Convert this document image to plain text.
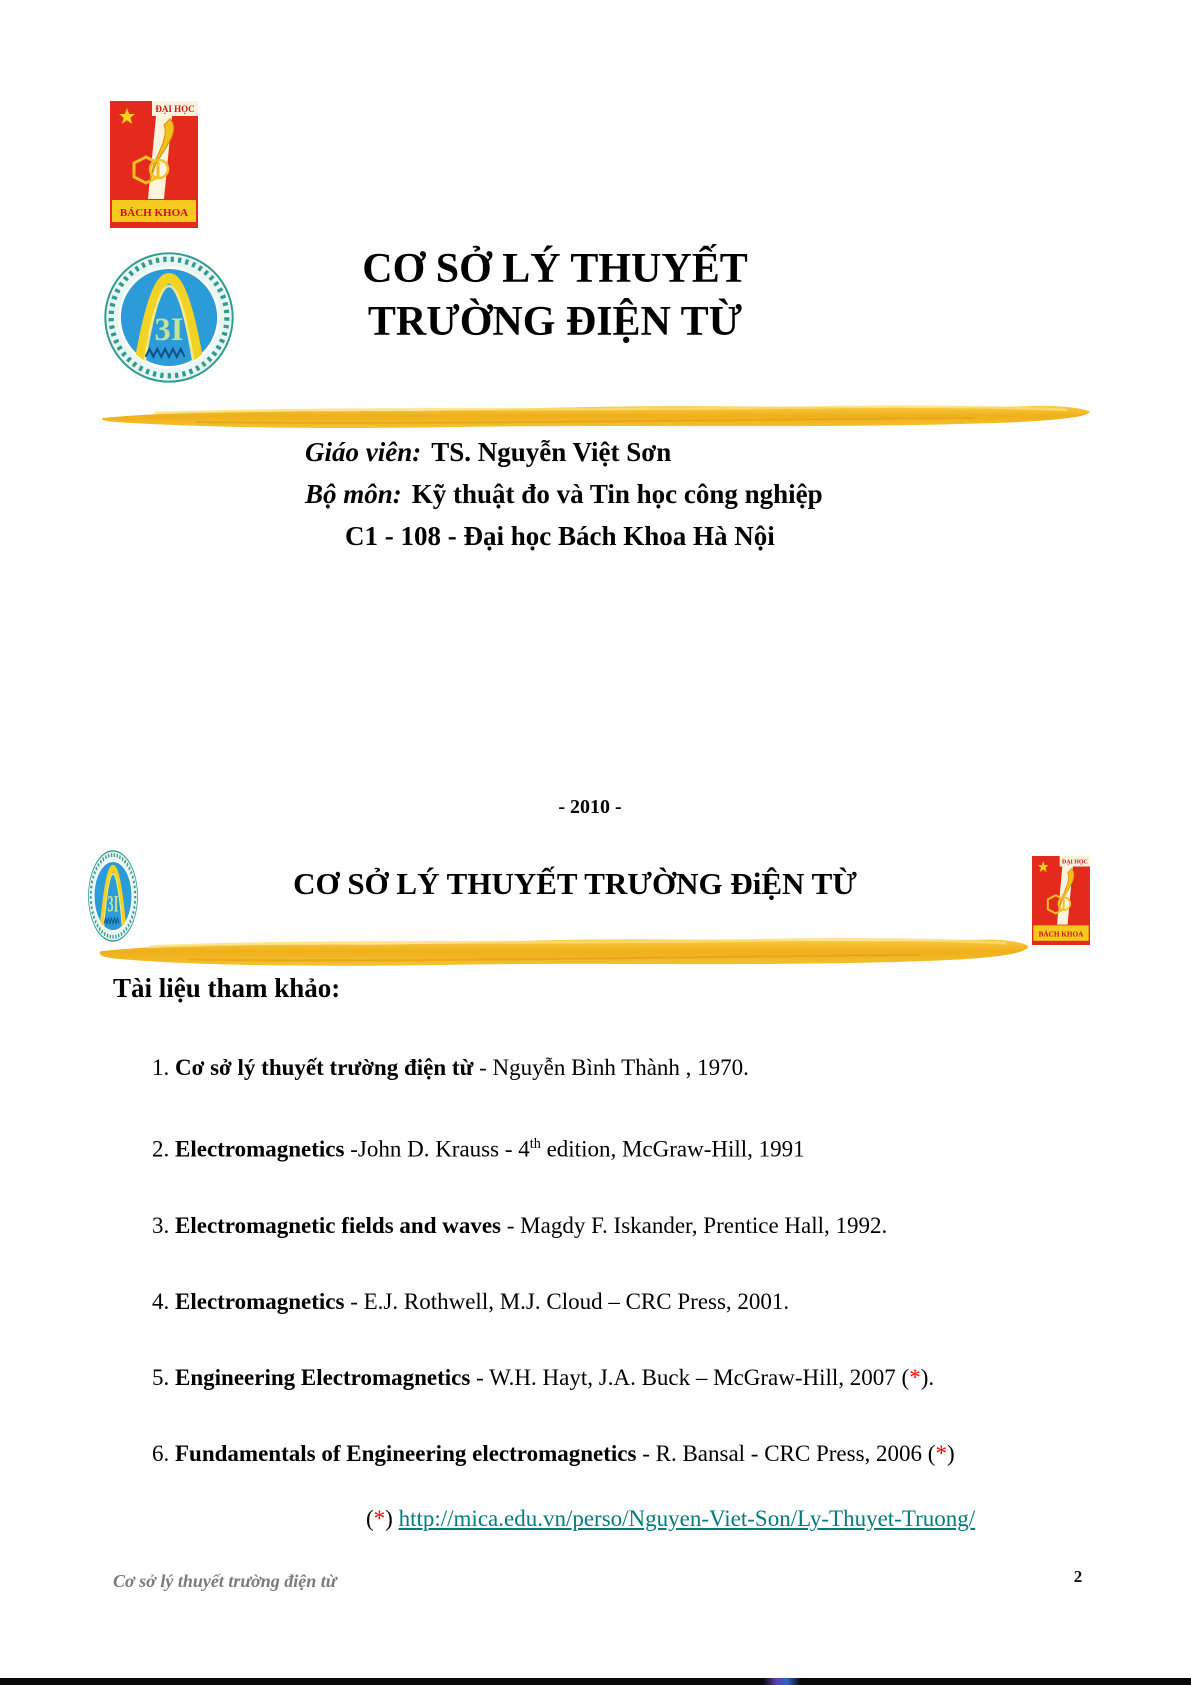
ĐẠI HỌC
BÁCH KHOA
3I
CƠ SỞ LÝ THUYẾT
TRƯỜNG ĐIỆN TỪ
Giáo viên: TS. Nguyễn Việt Sơn
Bộ môn: Kỹ thuật đo và Tin học công nghiệp
C1 - 108 - Đại học Bách Khoa Hà Nội
- 2010 -
3I
CƠ SỞ LÝ THUYẾT TRƯỜNG ĐiỆN TỪ
ĐẠI HỌC
BÁCH KHOA
Tài liệu tham khảo:
1. Cơ sở lý thuyết trường điện từ - Nguyễn Bình Thành , 1970.
2. Electromagnetics -John D. Krauss - 4th edition, McGraw-Hill, 1991
3. Electromagnetic fields and waves - Magdy F. Iskander, Prentice Hall, 1992.
4. Electromagnetics - E.J. Rothwell, M.J. Cloud – CRC Press, 2001.
5. Engineering Electromagnetics - W.H. Hayt, J.A. Buck – McGraw-Hill, 2007 (*).
6. Fundamentals of Engineering electromagnetics - R. Bansal - CRC Press, 2006 (*)
(*) http://mica.edu.vn/perso/Nguyen-Viet-Son/Ly-Thuyet-Truong/
Cơ sở lý thuyết trường điện từ	2
